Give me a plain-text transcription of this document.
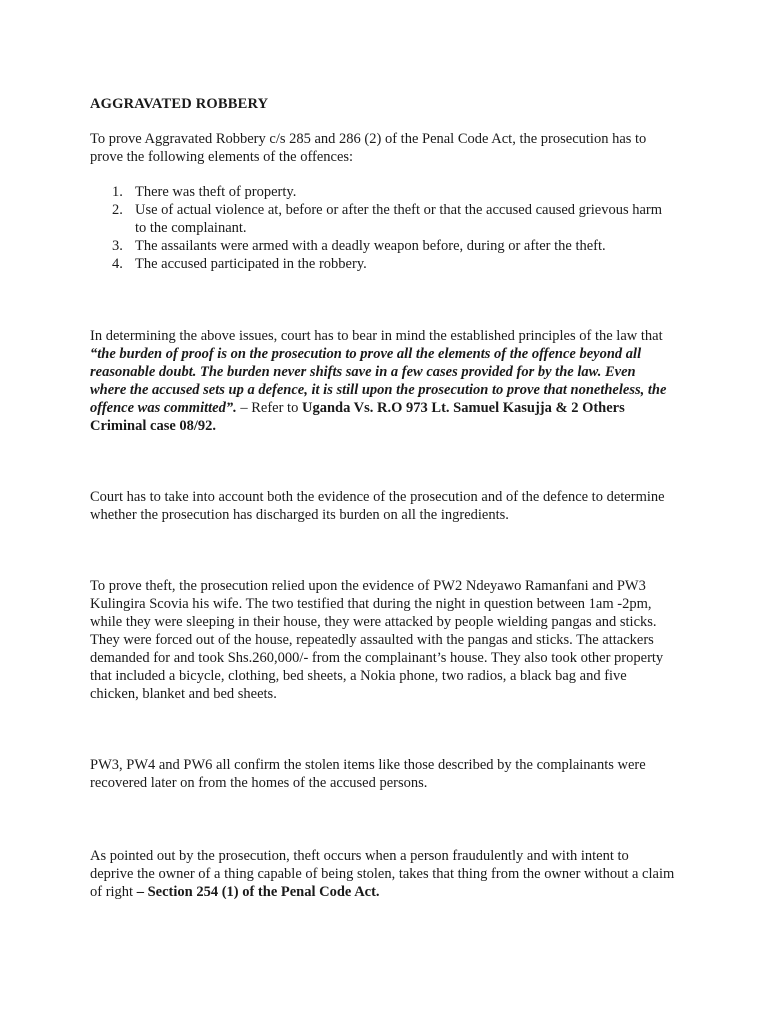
AGGRAVATED ROBBERY

To prove Aggravated Robbery c/s 285 and 286 (2) of the Penal Code Act, the prosecution has to prove the following elements of the offences:

1. There was theft of property.
2. Use of actual violence at, before or after the theft or that the accused caused grievous harm to the complainant.
3. The assailants were armed with a deadly weapon before, during or after the theft.
4. The accused participated in the robbery.

In determining the above issues, court has to bear in mind the established principles of the law that “the burden of proof is on the prosecution to prove all the elements of the offence beyond all reasonable doubt. The burden never shifts save in a few cases provided for by the law. Even where the accused sets up a defence, it is still upon the prosecution to prove that nonetheless, the offence was committed”. – Refer to Uganda Vs. R.O 973 Lt. Samuel Kasujja & 2 Others Criminal case 08/92.

Court has to take into account both the evidence of the prosecution and of the defence to determine whether the prosecution has discharged its burden on all the ingredients.

To prove theft, the prosecution relied upon the evidence of PW2 Ndeyawo Ramanfani and PW3 Kulingira Scovia his wife. The two testified that during the night in question between 1am -2pm, while they were sleeping in their house, they were attacked by people wielding pangas and sticks. They were forced out of the house, repeatedly assaulted with the pangas and sticks. The attackers demanded for and took Shs.260,000/- from the complainant’s house. They also took other property that included a bicycle, clothing, bed sheets, a Nokia phone, two radios, a black bag and five chicken, blanket and bed sheets.

PW3, PW4 and PW6 all confirm the stolen items like those described by the complainants were recovered later on from the homes of the accused persons.

As pointed out by the prosecution, theft occurs when a person fraudulently and with intent to deprive the owner of a thing capable of being stolen, takes that thing from the owner without a claim of right – Section 254 (1) of the Penal Code Act.
